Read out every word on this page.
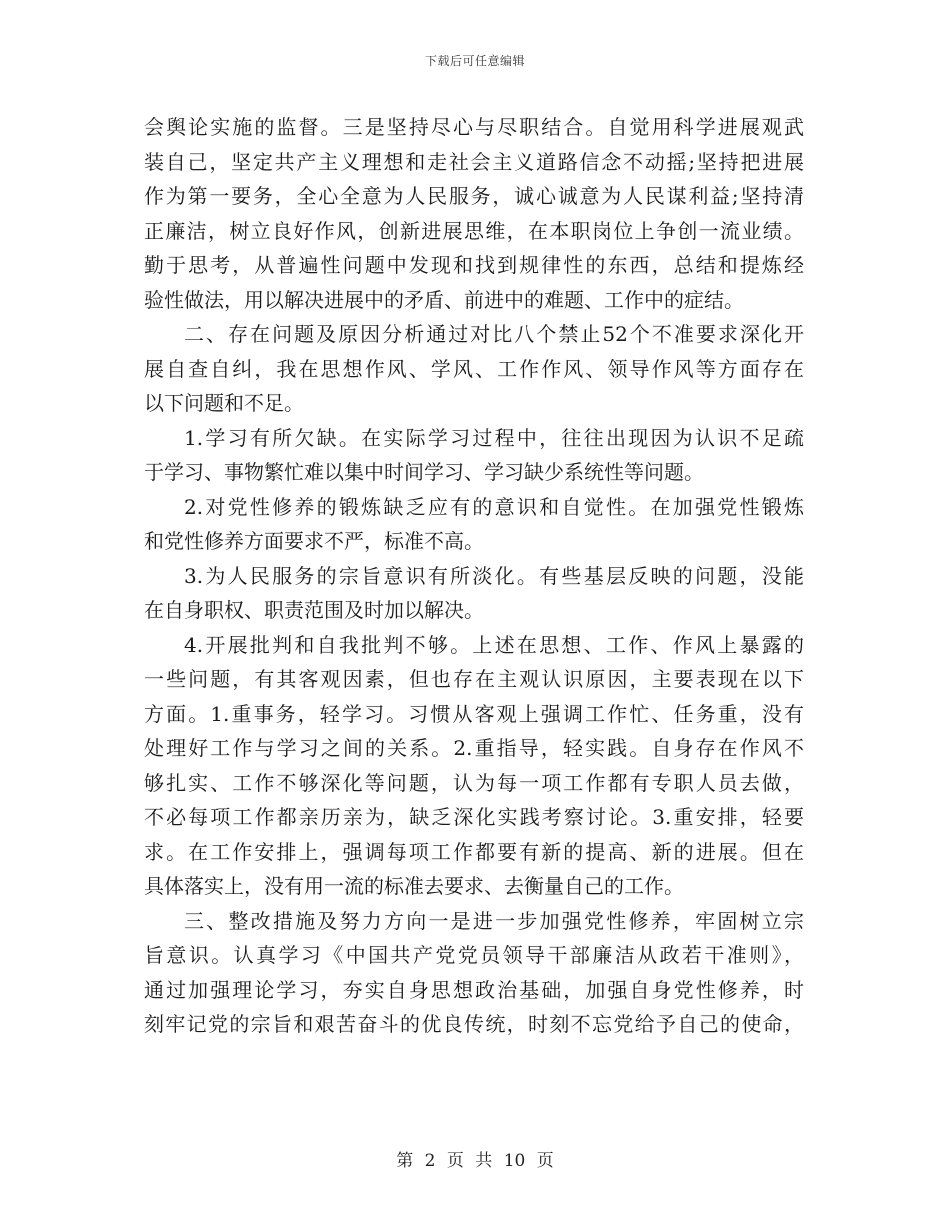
下载后可任意编辑
会舆论实施的监督。三是坚持尽心与尽职结合。自觉用科学进展观武
装自己，坚定共产主义理想和走社会主义道路信念不动摇;坚持把进展
作为第一要务，全心全意为人民服务，诚心诚意为人民谋利益;坚持清
正廉洁，树立良好作风，创新进展思维，在本职岗位上争创一流业绩。
勤于思考，从普遍性问题中发现和找到规律性的东西，总结和提炼经
验性做法，用以解决进展中的矛盾、前进中的难题、工作中的症结。
二、存在问题及原因分析通过对比八个禁止52个不准要求深化开
展自查自纠，我在思想作风、学风、工作作风、领导作风等方面存在
以下问题和不足。
1.学习有所欠缺。在实际学习过程中，往往出现因为认识不足疏
于学习、事物繁忙难以集中时间学习、学习缺少系统性等问题。
2.对党性修养的锻炼缺乏应有的意识和自觉性。在加强党性锻炼
和党性修养方面要求不严，标准不高。
3.为人民服务的宗旨意识有所淡化。有些基层反映的问题，没能
在自身职权、职责范围及时加以解决。
4.开展批判和自我批判不够。上述在思想、工作、作风上暴露的
一些问题，有其客观因素，但也存在主观认识原因，主要表现在以下
方面。1.重事务，轻学习。习惯从客观上强调工作忙、任务重，没有
处理好工作与学习之间的关系。2.重指导，轻实践。自身存在作风不
够扎实、工作不够深化等问题，认为每一项工作都有专职人员去做，
不必每项工作都亲历亲为，缺乏深化实践考察讨论。3.重安排，轻要
求。在工作安排上，强调每项工作都要有新的提高、新的进展。但在
具体落实上，没有用一流的标准去要求、去衡量自己的工作。
三、整改措施及努力方向一是进一步加强党性修养，牢固树立宗
旨意识。认真学习《中国共产党党员领导干部廉洁从政若干准则》，
通过加强理论学习，夯实自身思想政治基础，加强自身党性修养，时
刻牢记党的宗旨和艰苦奋斗的优良传统，时刻不忘党给予自己的使命，
第 2 页 共 10 页
